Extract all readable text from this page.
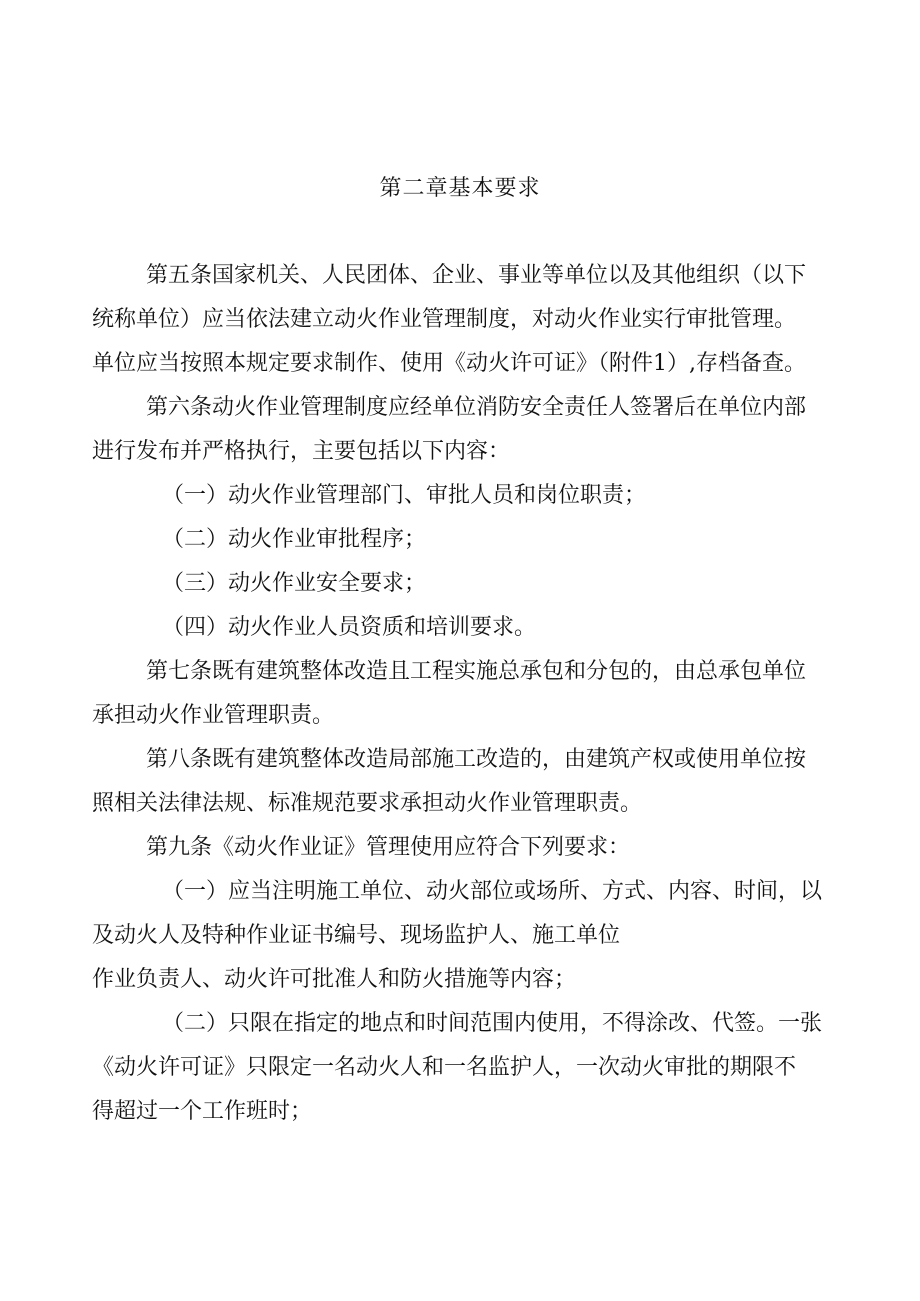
第二章基本要求
第五条国家机关、人民团体、企业、事业等单位以及其他组织（以下
统称单位）应当依法建立动火作业管理制度，对动火作业实行审批管理。
单位应当按照本规定要求制作、使用《动火许可证》（附件1）,存档备查。
第六条动火作业管理制度应经单位消防安全责任人签署后在单位内部
进行发布并严格执行，主要包括以下内容：
（一）动火作业管理部门、审批人员和岗位职责；
（二）动火作业审批程序；
（三）动火作业安全要求；
（四）动火作业人员资质和培训要求。
第七条既有建筑整体改造且工程实施总承包和分包的，由总承包单位
承担动火作业管理职责。
第八条既有建筑整体改造局部施工改造的，由建筑产权或使用单位按
照相关法律法规、标准规范要求承担动火作业管理职责。
第九条《动火作业证》管理使用应符合下列要求：
（一）应当注明施工单位、动火部位或场所、方式、内容、时间，以
及动火人及特种作业证书编号、现场监护人、施工单位
作业负责人、动火许可批准人和防火措施等内容；
（二）只限在指定的地点和时间范围内使用，不得涂改、代签。一张
《动火许可证》只限定一名动火人和一名监护人，一次动火审批的期限不
得超过一个工作班时；
